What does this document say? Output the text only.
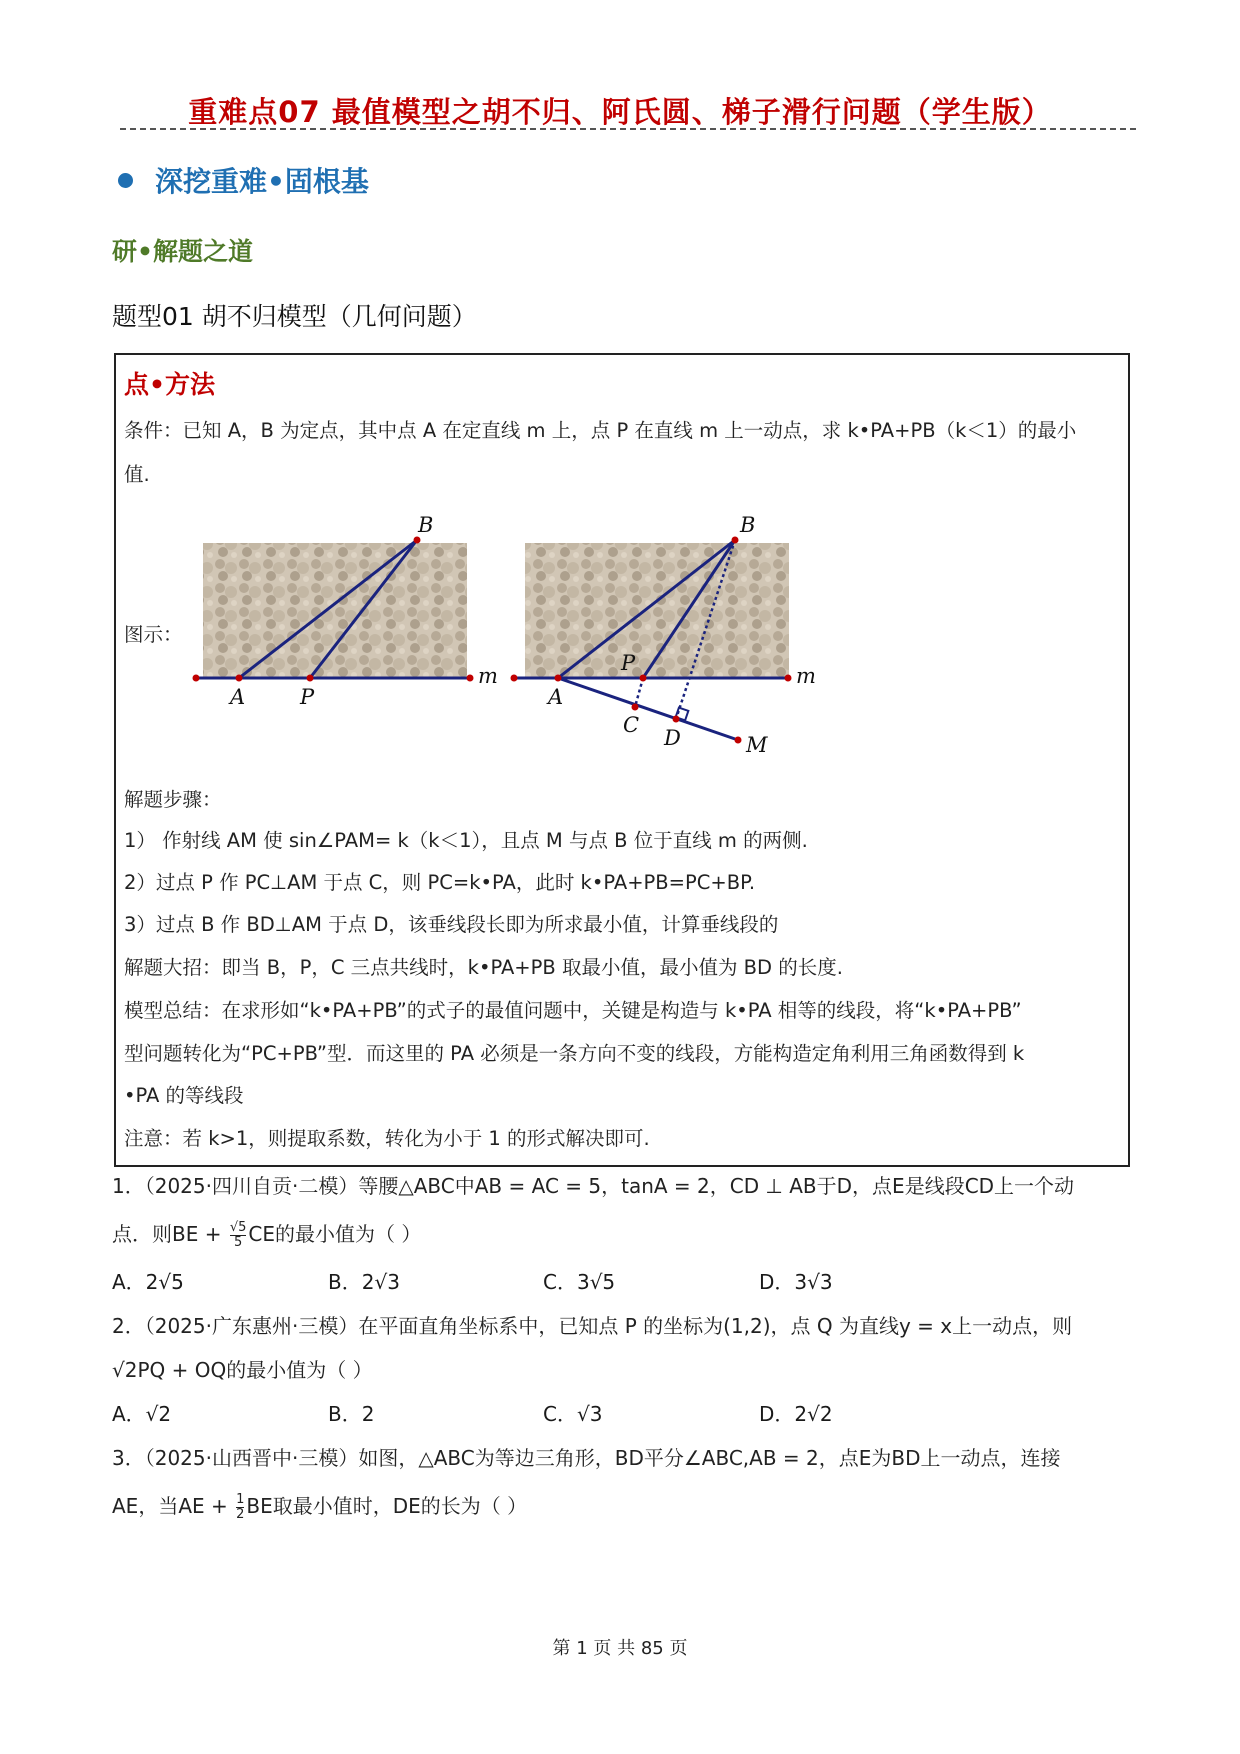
重难点07 最值模型之胡不归、阿氏圆、梯子滑行问题（学生版）
深挖重难•固根基
研•解题之道
题型01 胡不归模型（几何问题）
点•方法
条件：已知 A，B 为定点，其中点 A 在定直线 m 上，点 P 在直线 m 上一动点，求 k•PA+PB（k＜1）的最小
值.
图示：
B
A	P
m
B
A
P
m
C
D	M
解题步骤：
1） 作射线 AM 使 sin∠PAM= k（k＜1），且点 M 与点 B 位于直线 m 的两侧.
2）过点 P 作 PC⊥AM 于点 C，则 PC=k•PA，此时 k•PA+PB=PC+BP.
3）过点 B 作 BD⊥AM 于点 D，该垂线段长即为所求最小值，计算垂线段的
解题大招：即当 B，P，C 三点共线时，k•PA+PB 取最小值，最小值为 BD 的长度.
模型总结：在求形如“k•PA+PB”的式子的最值问题中，关键是构造与 k•PA 相等的线段，将“k•PA+PB”
型问题转化为“PC+PB”型．而这里的 PA 必须是一条方向不变的线段，方能构造定角利用三角函数得到 k
•PA 的等线段
注意：若 k>1，则提取系数，转化为小于 1 的形式解决即可.
1．（2025·四川自贡·二模）等腰△ABC中AB = AC = 5，tanA = 2，CD ⊥ AB于D，点E是线段CD上一个动
点．则BE + $\frac{√5}{5}$ CE的最小值为（ ）
A．2√5	B．2√3	C．3√5	D．3√3
2．（2025·广东惠州·三模）在平面直角坐标系中，已知点 P 的坐标为(1,2)，点 Q 为直线y = x上一动点，则
√2PQ + OQ的最小值为（ ）
A．√2	B．2	C．√3	D．2√2
3．（2025·山西晋中·三模）如图，△ABC为等边三角形，BD平分∠ABC,AB = 2，点E为BD上一动点，连接
AE，当AE + $\frac{1}{2}$ BE取最小值时，DE的长为（ ）
第 1 页 共 85 页
